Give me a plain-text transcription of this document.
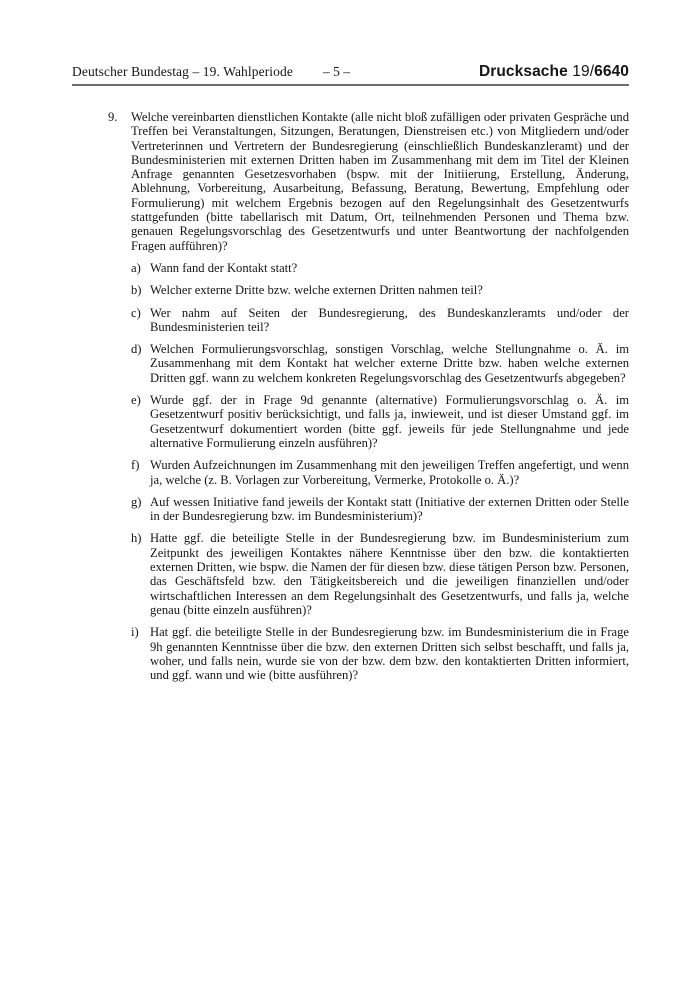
Deutscher Bundestag – 19. Wahlperiode	– 5 –	Drucksache 19/6640
9.	Welche vereinbarten dienstlichen Kontakte (alle nicht bloß zufälligen oder privaten Gespräche und Treffen bei Veranstaltungen, Sitzungen, Beratungen, Dienstreisen etc.) von Mitgliedern und/oder Vertreterinnen und Vertretern der Bundesregierung (einschließlich Bundeskanzleramt) und der Bundesministerien mit externen Dritten haben im Zusammenhang mit dem im Titel der Kleinen Anfrage genannten Gesetzesvorhaben (bspw. mit der Initiierung, Erstellung, Änderung, Ablehnung, Vorbereitung, Ausarbeitung, Befassung, Beratung, Bewertung, Empfehlung oder Formulierung) mit welchem Ergebnis bezogen auf den Regelungsinhalt des Gesetzentwurfs stattgefunden (bitte tabellarisch mit Datum, Ort, teilnehmenden Personen und Thema bzw. genauen Regelungsvorschlag des Gesetzentwurfs und unter Beantwortung der nachfolgenden Fragen aufführen)?

a) Wann fand der Kontakt statt?

b) Welcher externe Dritte bzw. welche externen Dritten nahmen teil?

c) Wer nahm auf Seiten der Bundesregierung, des Bundeskanzleramts und/oder der Bundesministerien teil?

d) Welchen Formulierungsvorschlag, sonstigen Vorschlag, welche Stellungnahme o. Ä. im Zusammenhang mit dem Kontakt hat welcher externe Dritte bzw. haben welche externen Dritten ggf. wann zu welchem konkreten Regelungsvorschlag des Gesetzentwurfs abgegeben?

e) Wurde ggf. der in Frage 9d genannte (alternative) Formulierungsvorschlag o. Ä. im Gesetzentwurf positiv berücksichtigt, und falls ja, inwieweit, und ist dieser Umstand ggf. im Gesetzentwurf dokumentiert worden (bitte ggf. jeweils für jede Stellungnahme und jede alternative Formulierung einzeln ausführen)?

f) Wurden Aufzeichnungen im Zusammenhang mit den jeweiligen Treffen angefertigt, und wenn ja, welche (z. B. Vorlagen zur Vorbereitung, Vermerke, Protokolle o. Ä.)?

g) Auf wessen Initiative fand jeweils der Kontakt statt (Initiative der externen Dritten oder Stelle in der Bundesregierung bzw. im Bundesministerium)?

h) Hatte ggf. die beteiligte Stelle in der Bundesregierung bzw. im Bundesministerium zum Zeitpunkt des jeweiligen Kontaktes nähere Kenntnisse über den bzw. die kontaktierten externen Dritten, wie bspw. die Namen der für diesen bzw. diese tätigen Person bzw. Personen, das Geschäftsfeld bzw. den Tätigkeitsbereich und die jeweiligen finanziellen und/oder wirtschaftlichen Interessen an dem Regelungsinhalt des Gesetzentwurfs, und falls ja, welche genau (bitte einzeln ausführen)?

i) Hat ggf. die beteiligte Stelle in der Bundesregierung bzw. im Bundesministerium die in Frage 9h genannten Kenntnisse über die bzw. den externen Dritten sich selbst beschafft, und falls ja, woher, und falls nein, wurde sie von der bzw. dem bzw. den kontaktierten Dritten informiert, und ggf. wann und wie (bitte ausführen)?
